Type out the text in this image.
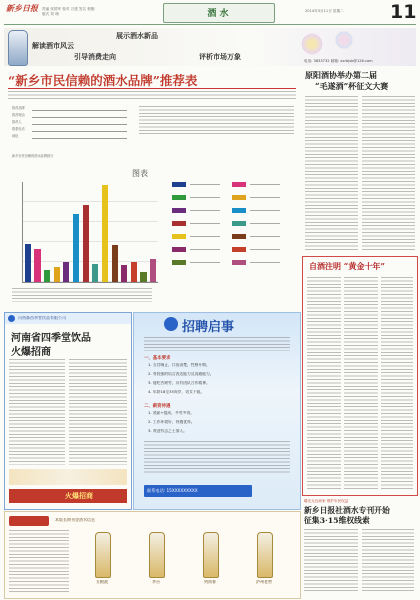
新乡日报 责编 张国军 校对 万建 签名 程刚
版式 刘 珊	酒 水	2014年3月11日 星期二	11
展示酒水新品
解读酒市风云
引导消费走向	评析市场万象	电话: 3833732 邮箱: xxrbjsb@126.com
“新乡市民信赖的酒水品牌”推荐表
推荐品牌
推荐理由
推荐人
联系电话
地址
新乡市民信赖的酒水品牌排行
图表
原阳酒协举办第二届
“毛遂酒”杯征文大赛
自酒注明 “黄金十年”
河南森西季堂饮品有限公司
河南省四季堂饮品
火爆招商
火爆招商
招聘启事
一、基本要求
1. 五官端正，口齿清楚，性格开朗。
2. 有较强的语言表达能力及沟通能力。
3. 能吃苦耐劳，具有团队合作精神。
4. 年龄18至35周岁，男女不限。
二、薪资待遇
1. 底薪+提成，多劳多得。
2. 工作环境好，待遇优厚。
3. 欢迎有志之士加入。
联系电话: 15XXXXXXXXX
曝光无良商家 维护市民权益
新乡日报社酒水专刊开始
征集3·15维权线索
本版长期刊登酒水信息
五粮液	茅台	剑南春	泸州老窖
